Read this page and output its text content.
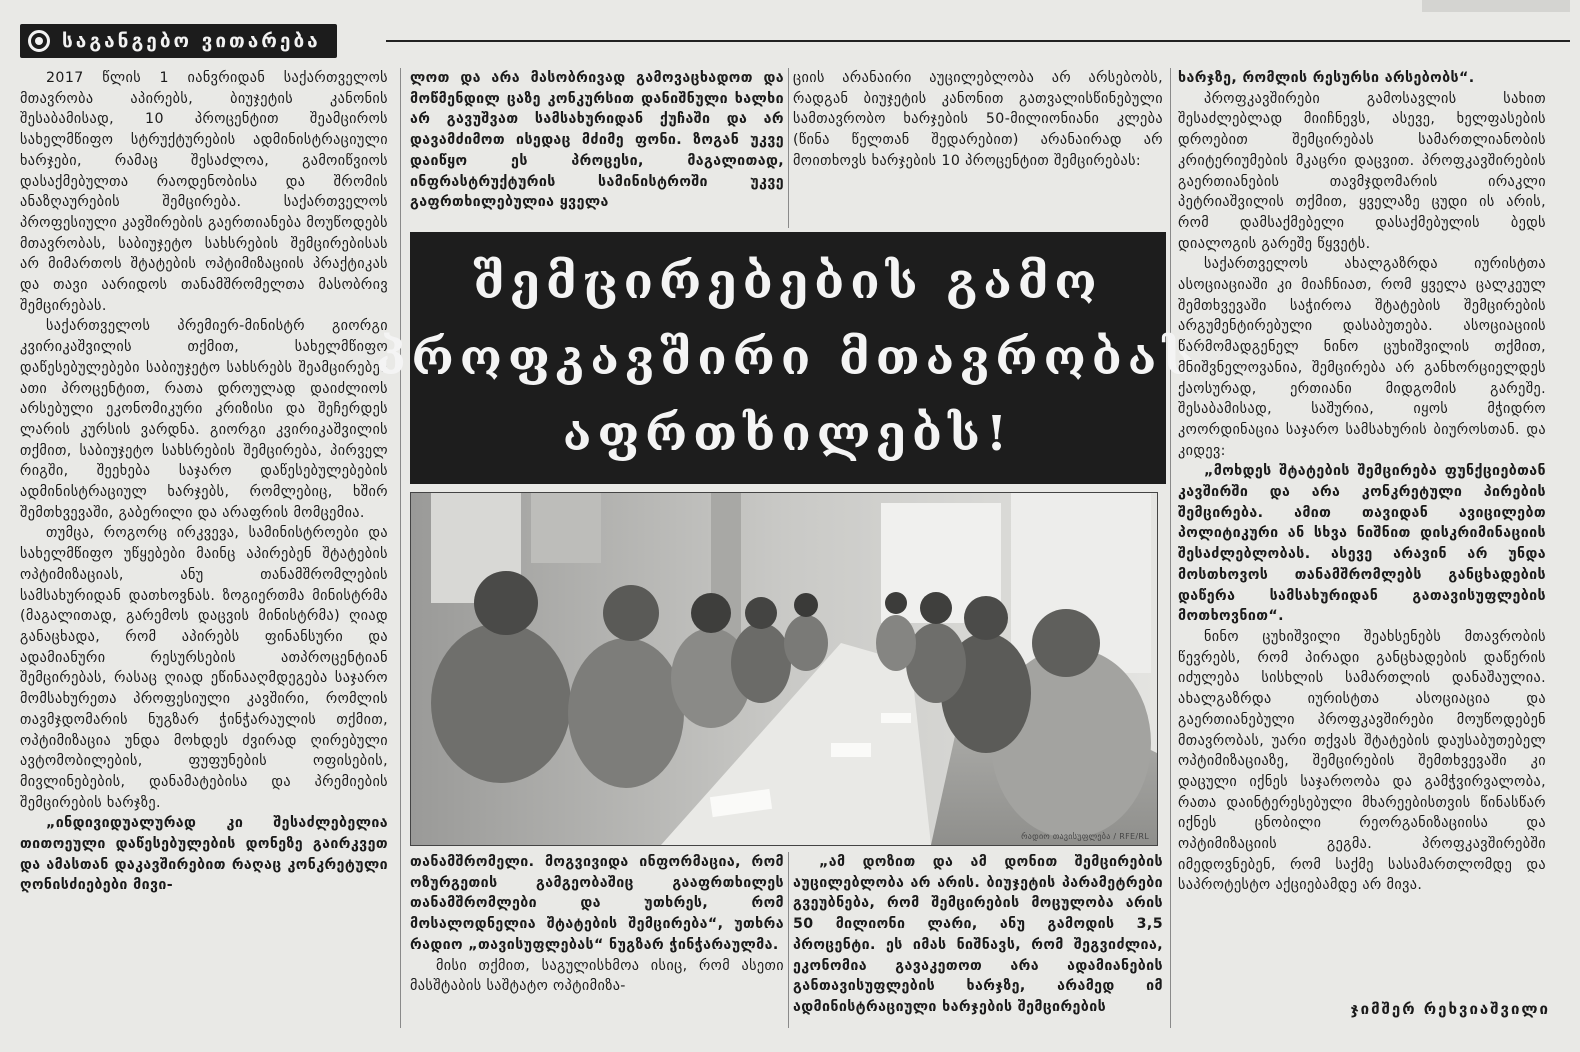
საგანგებო ვითარება

2017 წლის 1 იანვრიდან საქართველოს მთავრობა აპირებს, ბიუჯეტის კანონის შესაბამისად, 10 პროცენტით შეამციროს სახელმწიფო სტრუქტურების ადმინისტრაციული ხარჯები, რამაც შესაძლოა, გამოიწვიოს დასაქმებულთა რაოდენობისა და შრომის ანაზღაურების შემცირება. საქართველოს პროფესიული კავშირების გაერთიანება მოუწოდებს მთავრობას, საბიუჯეტო სახსრების შემცირებისას არ მიმართოს შტატების ოპტიმიზაციის პრაქტიკას და თავი აარიდოს თანამშრომელთა მასობრივ შემცირებას.

საქართველოს პრემიერ-მინისტრ გიორგი კვირიკაშვილის თქმით, სახელმწიფო დაწესებულებები საბიუჯეტო სახსრებს შეამცირებენ ათი პროცენტით, რათა დროულად დაიძლიოს არსებული ეკონომიკური კრიზისი და შეჩერდეს ლარის კურსის ვარდნა. გიორგი კვირიკაშვილის თქმით, საბიუჯეტო სახსრების შემცირება, პირველ რიგში, შეეხება საჯარო დაწესებულებების ადმინისტრაციულ ხარჯებს, რომლებიც, ხშირ შემთხვევაში, გაბერილი და არაფრის მომცემია.

თუმცა, როგორც ირკვევა, სამინისტროები და სახელმწიფო უწყებები მაინც აპირებენ შტატების ოპტიმიზაციას, ანუ თანამშრომლების სამსახურიდან დათხოვნას. ზოგიერთმა მინისტრმა (მაგალითად, გარემოს დაცვის მინისტრმა) ღიად განაცხადა, რომ აპირებს ფინანსური და ადამიანური რესურსების ათპროცენტიან შემცირებას, რასაც ღიად ეწინააღმდეგება საჯარო მომსახურეთა პროფესიული კავშირი, რომლის თავმჯდომარის ნუგზარ ჭინჭარაულის თქმით, ოპტიმიზაცია უნდა მოხდეს ძვირად ღირებული ავტომობილების, ფუფუნების ოფისების, მივლინებების, დანამატებისა და პრემიების შემცირების ხარჯზე.

„ინდივიდუალურად კი შესაძლებელია თითოეული დაწესებულების დონეზე გაირკვეთ და ამასთან დაკავშირებით რაღაც კონკრეტული ღონისძიებები მივი-

ლოთ და არა მასობრივად გამოვაცხადოთ და მოწმენდილ ცაზე კონკურსით დანიშნული ხალხი არ გავუშვათ სამსახურიდან ქუჩაში და არ დავამძიმოთ ისედაც მძიმე ფონი. ზოგან უკვე დაიწყო ეს პროცესი, მაგალითად, ინფრასტრუქტურის სამინისტროში უკვე გაფრთხილებულია ყველა

ციის არანაირი აუცილებლობა არ არსებობს, რადგან ბიუჯეტის კანონით გათვალისწინებული სამთავრობო ხარჯების 50-მილიონიანი კლება (წინა წელთან შედარებით) არანაირად არ მოითხოვს ხარჯების 10 პროცენტით შემცირებას:

შემცირებების გამო
პროფკავშირი მთავრობას
აფრთხილებს!
რადიო თავისუფლება / RFE/RL

თანამშრომელი. მოგვივიდა ინფორმაცია, რომ ოზურგეთის გამგეობაშიც გააფრთხილეს თანამშრომლები და უთხრეს, რომ მოსალოდნელია შტატების შემცირება“, უთხრა რადიო „თავისუფლებას“ ნუგზარ ჭინჭარაულმა.

მისი თქმით, საგულისხმოა ისიც, რომ ასეთი მასშტაბის საშტატო ოპტიმიზა-

„ამ დოზით და ამ დონით შემცირების აუცილებლობა არ არის. ბიუჯეტის პარამეტრები გვეუბნება, რომ შემცირების მოცულობა არის 50 მილიონი ლარი, ანუ გამოდის 3,5 პროცენტი. ეს იმას ნიშნავს, რომ შეგვიძლია, ეკონომია გავაკეთოთ არა ადამიანების განთავისუფლების ხარჯზე, არამედ იმ ადმინისტრაციული ხარჯების შემცირების

ხარჯზე, რომლის რესურსი არსებობს“.

პროფკავშირები გამოსავლის სახით შესაძლებლად მიიჩნევს, ასევე, ხელფასების დროებით შემცირებას სამართლიანობის კრიტერიუმების მკაცრი დაცვით. პროფკავშირების გაერთიანების თავმჯდომარის ირაკლი პეტრიაშვილის თქმით, ყველაზე ცუდი ის არის, რომ დამსაქმებელი დასაქმებულის ბედს დიალოგის გარეშე წყვეტს.

საქართველოს ახალგაზრდა იურისტთა ასოციაციაში კი მიაჩნიათ, რომ ყველა ცალკეულ შემთხვევაში საჭიროა შტატების შემცირების არგუმენტირებული დასაბუთება. ასოციაციის წარმომადგენელ ნინო ცუხიშვილის თქმით, მნიშვნელოვანია, შემცირება არ განხორციელდეს ქაოსურად, ერთიანი მიდგომის გარეშე. შესაბამისად, საშურია, იყოს მჭიდრო კოორდინაცია საჯარო სამსახურის ბიუროსთან. და კიდევ:

„მოხდეს შტატების შემცირება ფუნქციებთან კავშირში და არა კონკრეტული პირების შემცირება. ამით თავიდან ავიცილებთ პოლიტიკური ან სხვა ნიშნით დისკრიმინაციის შესაძლებლობას. ასევე არავინ არ უნდა მოსთხოვოს თანამშრომლებს განცხადების დაწერა სამსახურიდან გათავისუფლების მოთხოვნით“.

ნინო ცუხიშვილი შეახსენებს მთავრობის წევრებს, რომ პირადი განცხადების დაწერის იძულება სისხლის სამართლის დანაშაულია. ახალგაზრდა იურისტთა ასოციაცია და გაერთიანებული პროფკავშირები მოუწოდებენ მთავრობას, უარი თქვას შტატების დაუსაბუთებელ ოპტიმიზაციაზე, შემცირების შემთხვევაში კი დაცული იქნეს საჯაროობა და გამჭვირვალობა, რათა დაინტერესებული მხარეებისთვის წინასწარ იქნეს ცნობილი რეორგანიზაციისა და ოპტიმიზაციის გეგმა. პროფკავშირებში იმედოვნებენ, რომ საქმე სასამართლომდე და საპროტესტო აქციებამდე არ მივა.

ჯიმშერ რეხვიაშვილი
